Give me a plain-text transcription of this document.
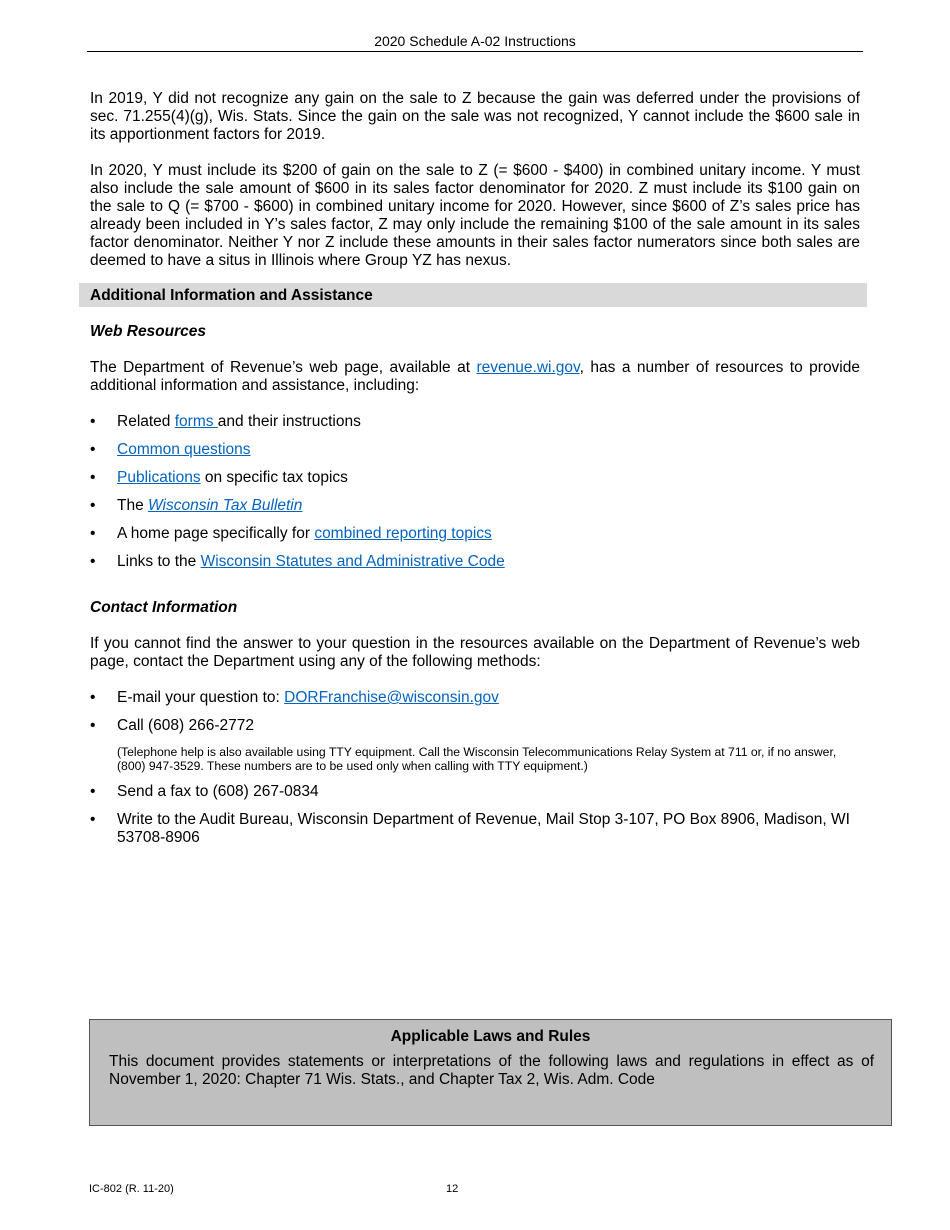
2020 Schedule A-02 Instructions

In 2019, Y did not recognize any gain on the sale to Z because the gain was deferred under the provisions of sec. 71.255(4)(g), Wis. Stats. Since the gain on the sale was not recognized, Y cannot include the $600 sale in its apportionment factors for 2019.

In 2020, Y must include its $200 of gain on the sale to Z (= $600 - $400) in combined unitary income. Y must also include the sale amount of $600 in its sales factor denominator for 2020. Z must include its $100 gain on the sale to Q (= $700 - $600) in combined unitary income for 2020. However, since $600 of Z’s sales price has already been included in Y’s sales factor, Z may only include the remaining $100 of the sale amount in its sales factor denominator. Neither Y nor Z include these amounts in their sales factor numerators since both sales are deemed to have a situs in Illinois where Group YZ has nexus.

Additional Information and Assistance

Web Resources

The Department of Revenue’s web page, available at revenue.wi.gov, has a number of resources to provide additional information and assistance, including:

• Related forms and their instructions
• Common questions
• Publications on specific tax topics
• The Wisconsin Tax Bulletin
• A home page specifically for combined reporting topics
• Links to the Wisconsin Statutes and Administrative Code

Contact Information

If you cannot find the answer to your question in the resources available on the Department of Revenue’s web page, contact the Department using any of the following methods:

• E-mail your question to: DORFranchise@wisconsin.gov
• Call (608) 266-2772
(Telephone help is also available using TTY equipment. Call the Wisconsin Telecommunications Relay System at 711 or, if no answer, (800) 947-3529. These numbers are to be used only when calling with TTY equipment.)
• Send a fax to (608) 267-0834
• Write to the Audit Bureau, Wisconsin Department of Revenue, Mail Stop 3-107, PO Box 8906, Madison, WI 53708-8906
Applicable Laws and Rules
This document provides statements or interpretations of the following laws and regulations in effect as of November 1, 2020: Chapter 71 Wis. Stats., and Chapter Tax 2, Wis. Adm. Code
IC-802 (R. 11-20)	12
